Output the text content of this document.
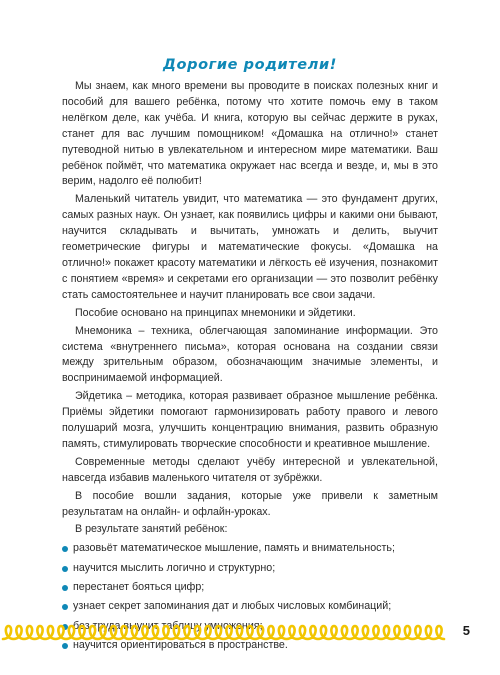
Дорогие родители!

Мы знаем, как много времени вы проводите в поисках полезных книг и пособий для вашего ребёнка, потому что хотите помочь ему в таком нелёгком деле, как учёба. И книга, которую вы сейчас держите в руках, станет для вас лучшим помощником! «Домашка на отлично!» станет путеводной нитью в увлекательном и интересном мире математики. Ваш ребёнок поймёт, что математика окружает нас всегда и везде, и, мы в это верим, надолго её полюбит!

Маленький читатель увидит, что математика — это фундамент других, самых разных наук. Он узнает, как появились цифры и какими они бывают, научится складывать и вычитать, умножать и делить, выучит геометрические фигуры и математические фокусы. «Домашка на отлично!» покажет красоту математики и лёгкость её изучения, познакомит с понятием «время» и секретами его организации — это позволит ребёнку стать самостоятельнее и научит планировать все свои задачи.

Пособие основано на принципах мнемоники и эйдетики.

Мнемоника – техника, облегчающая запоминание информации. Это система «внутреннего письма», которая основана на создании связи между зрительным образом, обозначающим значимые элементы, и воспринимаемой информацией.

Эйдетика – методика, которая развивает образное мышление ребёнка. Приёмы эйдетики помогают гармонизировать работу правого и левого полушарий мозга, улучшить концентрацию внимания, развить образную память, стимулировать творческие способности и креативное мышление.

Современные методы сделают учёбу интересной и увлекательной, навсегда избавив маленького читателя от зубрёжки.

В пособие вошли задания, которые уже привели к заметным результатам на онлайн- и офлайн-уроках.

В результате занятий ребёнок:

разовьёт математическое мышление, память и внимательность;
научится мыслить логично и структурно;
перестанет бояться цифр;
узнает секрет запоминания дат и любых числовых комбинаций;
без труда выучит таблицу умножения;
научится ориентироваться в пространстве.
5
